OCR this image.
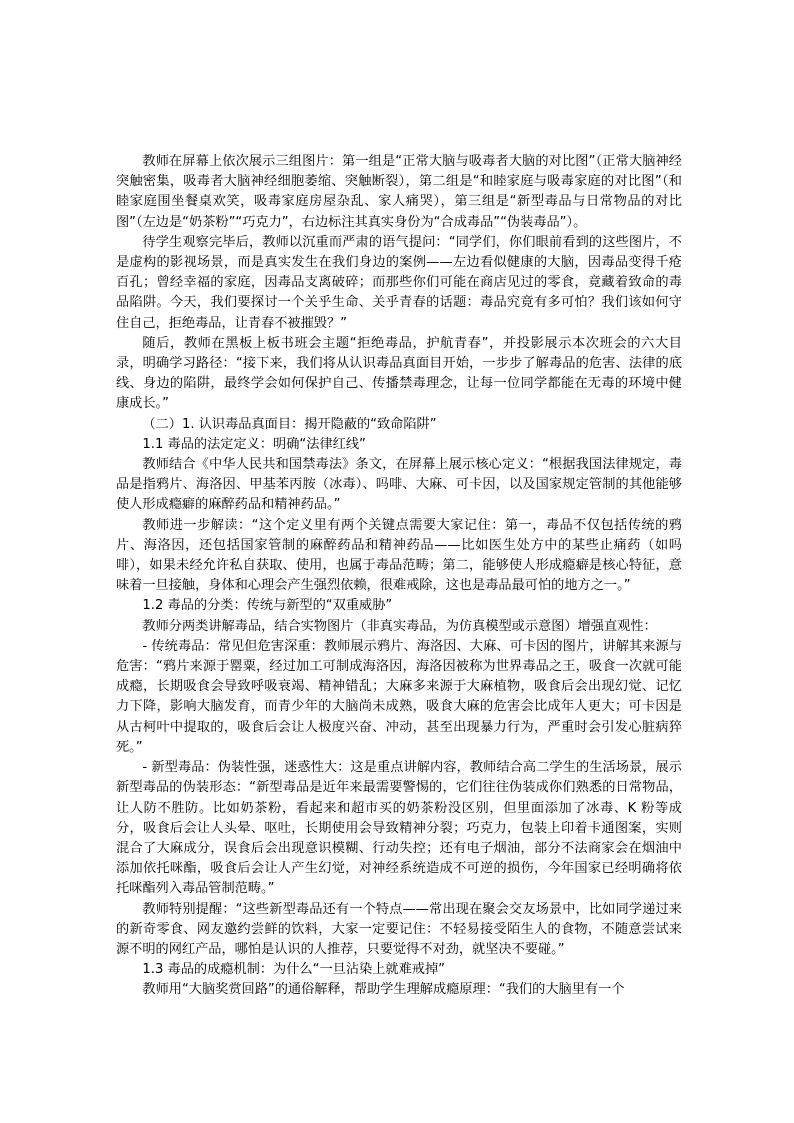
教师在屏幕上依次展示三组图片：第一组是“正常大脑与吸毒者大脑的对比图”（正常大脑神经突触密集，吸毒者大脑神经细胞萎缩、突触断裂），第二组是“和睦家庭与吸毒家庭的对比图”（和睦家庭围坐餐桌欢笑，吸毒家庭房屋杂乱、家人痛哭），第三组是“新型毒品与日常物品的对比图”（左边是“奶茶粉”“巧克力”，右边标注其真实身份为“合成毒品”“伪装毒品”）。

待学生观察完毕后，教师以沉重而严肃的语气提问：“同学们，你们眼前看到的这些图片，不是虚构的影视场景，而是真实发生在我们身边的案例——左边看似健康的大脑，因毒品变得千疮百孔；曾经幸福的家庭，因毒品支离破碎；而那些你们可能在商店见过的零食，竟藏着致命的毒品陷阱。今天，我们要探讨一个关乎生命、关乎青春的话题：毒品究竟有多可怕？我们该如何守住自己，拒绝毒品，让青春不被摧毁？”

随后，教师在黑板上板书班会主题“拒绝毒品，护航青春”，并投影展示本次班会的六大目录，明确学习路径：“接下来，我们将从认识毒品真面目开始，一步步了解毒品的危害、法律的底线、身边的陷阱，最终学会如何保护自己、传播禁毒理念，让每一位同学都能在无毒的环境中健康成长。”

（二）1. 认识毒品真面目：揭开隐蔽的“致命陷阱”

1.1 毒品的法定定义：明确“法律红线”

教师结合《中华人民共和国禁毒法》条文，在屏幕上展示核心定义：“根据我国法律规定，毒品是指鸦片、海洛因、甲基苯丙胺（冰毒）、吗啡、大麻、可卡因，以及国家规定管制的其他能够使人形成瘾癖的麻醉药品和精神药品。”

教师进一步解读：“这个定义里有两个关键点需要大家记住：第一，毒品不仅包括传统的鸦片、海洛因，还包括国家管制的麻醉药品和精神药品——比如医生处方中的某些止痛药（如吗啡），如果未经允许私自获取、使用，也属于毒品范畴；第二，能够使人形成瘾癖是核心特征，意味着一旦接触，身体和心理会产生强烈依赖，很难戒除，这也是毒品最可怕的地方之一。”

1.2 毒品的分类：传统与新型的“双重威胁”

教师分两类讲解毒品，结合实物图片（非真实毒品，为仿真模型或示意图）增强直观性：

- 传统毒品：常见但危害深重：教师展示鸦片、海洛因、大麻、可卡因的图片，讲解其来源与危害：“鸦片来源于罂粟，经过加工可制成海洛因，海洛因被称为世界毒品之王，吸食一次就可能成瘾，长期吸食会导致呼吸衰竭、精神错乱；大麻多来源于大麻植物，吸食后会出现幻觉、记忆力下降，影响大脑发育，而青少年的大脑尚未成熟，吸食大麻的危害会比成年人更大；可卡因是从古柯叶中提取的，吸食后会让人极度兴奋、冲动，甚至出现暴力行为，严重时会引发心脏病猝死。”

- 新型毒品：伪装性强，迷惑性大：这是重点讲解内容，教师结合高二学生的生活场景，展示新型毒品的伪装形态：“新型毒品是近年来最需要警惕的，它们往往伪装成你们熟悉的日常物品，让人防不胜防。比如奶茶粉，看起来和超市买的奶茶粉没区别，但里面添加了冰毒、K 粉等成分，吸食后会让人头晕、呕吐，长期使用会导致精神分裂；巧克力，包装上印着卡通图案，实则混合了大麻成分，误食后会出现意识模糊、行动失控；还有电子烟油，部分不法商家会在烟油中添加依托咪酯，吸食后会让人产生幻觉，对神经系统造成不可逆的损伤，今年国家已经明确将依托咪酯列入毒品管制范畴。”

教师特别提醒：“这些新型毒品还有一个特点——常出现在聚会交友场景中，比如同学递过来的新奇零食、网友邀约尝鲜的饮料，大家一定要记住：不轻易接受陌生人的食物，不随意尝试来源不明的网红产品，哪怕是认识的人推荐，只要觉得不对劲，就坚决不要碰。”

1.3 毒品的成瘾机制：为什么“一旦沾染上就难戒掉”

教师用“大脑奖赏回路”的通俗解释，帮助学生理解成瘾原理：“我们的大脑里有一个
